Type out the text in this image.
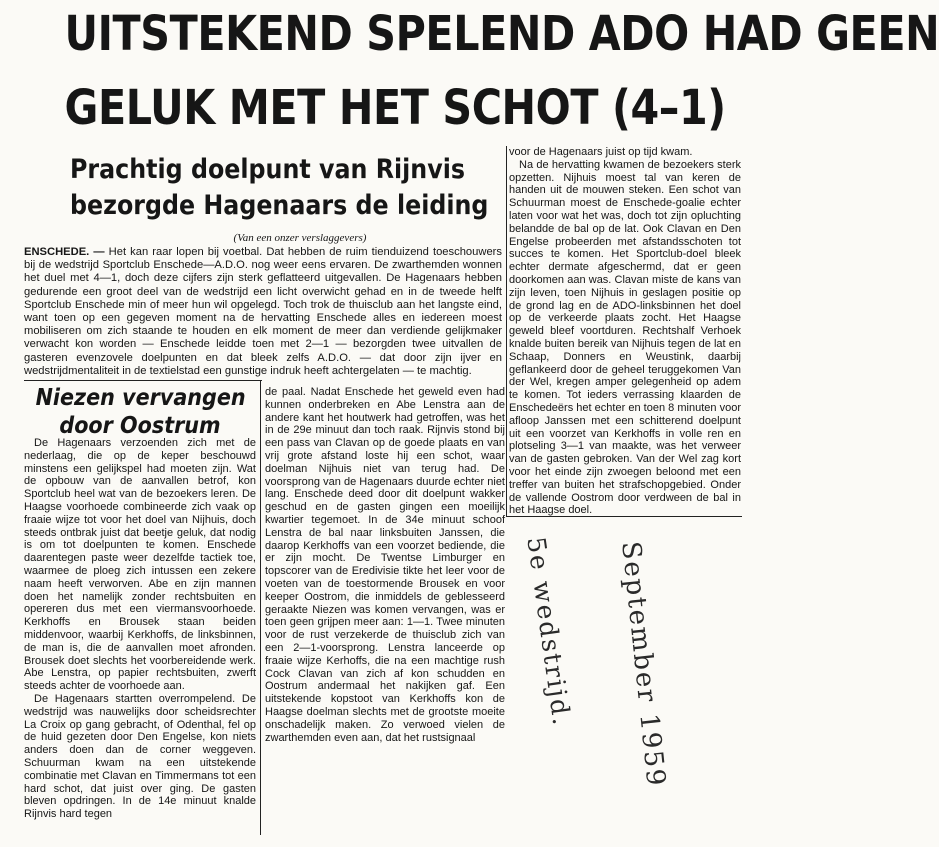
UITSTEKEND SPELEND ADO HAD GEEN
GELUK MET HET SCHOT (4–1)
Prachtig doelpunt van Rijnvis
bezorgde Hagenaars de leiding
(Van een onzer verslaggevers)

ENSCHEDE. — Het kan raar lopen bij voetbal. Dat hebben de ruim tienduizend toeschouwers bij de wedstrijd Sportclub Enschede—A.D.O. nog weer eens ervaren. De zwarthemden wonnen het duel met 4—1, doch deze cijfers zijn sterk geflatteerd uitgevallen. De Hagenaars hebben gedurende een groot deel van de wedstrijd een licht overwicht gehad en in de tweede helft Sportclub Enschede min of meer hun wil opgelegd. Toch trok de thuisclub aan het langste eind, want toen op een gegeven moment na de hervatting Enschede alles en iedereen moest mobiliseren om zich staande te houden en elk moment de meer dan verdiende gelijkmaker verwacht kon worden — Enschede leidde toen met 2—1 — bezorgden twee uitvallen de gasteren evenzovele doelpunten en dat bleek zelfs A.D.O. — dat door zijn ijver en wedstrijdmentaliteit in de textielstad een gunstige indruk heeft achtergelaten — te machtig.

Niezen vervangen
door Oostrum

De Hagenaars verzoenden zich met de nederlaag, die op de keper beschouwd minstens een gelijkspel had moeten zijn. Wat de opbouw van de aanvallen betrof, kon Sportclub heel wat van de bezoekers leren. De Haagse voorhoede combineerde zich vaak op fraaie wijze tot voor het doel van Nijhuis, doch steeds ontbrak juist dat beetje geluk, dat nodig is om tot doelpunten te komen. Enschede daarentegen paste weer dezelfde tactiek toe, waarmee de ploeg zich intussen een zekere naam heeft verworven. Abe en zijn mannen doen het namelijk zonder rechtsbuiten en opereren dus met een viermansvoorhoede. Kerkhoffs en Brousek staan beiden middenvoor, waarbij Kerkhoffs, de linksbinnen, de man is, die de aanvallen moet afronden. Brousek doet slechts het voorbereidende werk. Abe Lenstra, op papier rechtsbuiten, zwerft steeds achter de voorhoede aan.

De Hagenaars startten overrompelend. De wedstrijd was nauwelijks door scheidsrechter La Croix op gang gebracht, of Odenthal, fel op de huid gezeten door Den Engelse, kon niets anders doen dan de corner weggeven. Schuurman kwam na een uitstekende combinatie met Clavan en Timmermans tot een hard schot, dat juist over ging. De gasten bleven opdringen. In de 14e minuut knalde Rijnvis hard tegen

de paal. Nadat Enschede het geweld even had kunnen onderbreken en Abe Lenstra aan de andere kant het houtwerk had getroffen, was het in de 29e minuut dan toch raak. Rijnvis stond bij een pass van Clavan op de goede plaats en van vrij grote afstand loste hij een schot, waar doelman Nijhuis niet van terug had. De voorsprong van de Hagenaars duurde echter niet lang. Enschede deed door dit doelpunt wakker geschud en de gasten gingen een moeilijk kwartier tegemoet. In de 34e minuut schoof Lenstra de bal naar linksbuiten Janssen, die daarop Kerkhoffs van een voorzet bediende, die er zijn mocht. De Twentse Limburger en topscorer van de Eredivisie tikte het leer voor de voeten van de toestormende Brousek en voor keeper Oostrom, die inmiddels de geblesseerd geraakte Niezen was komen vervangen, was er toen geen grijpen meer aan: 1—1. Twee minuten voor de rust verzekerde de thuisclub zich van een 2—1-voorsprong. Lenstra lanceerde op fraaie wijze Kerhoffs, die na een machtige rush Cock Clavan van zich af kon schudden en Oostrum andermaal het nakijken gaf. Een uitstekende kopstoot van Kerkhoffs kon de Haagse doelman slechts met de grootste moeite onschadelijk maken. Zo verwoed vielen de zwarthemden even aan, dat het rustsignaal

voor de Hagenaars juist op tijd kwam.

Na de hervatting kwamen de bezoekers sterk opzetten. Nijhuis moest tal van keren de handen uit de mouwen steken. Een schot van Schuurman moest de Enschede-goalie echter laten voor wat het was, doch tot zijn opluchting belandde de bal op de lat. Ook Clavan en Den Engelse probeerden met afstandsschoten tot succes te komen. Het Sportclub-doel bleek echter dermate afgeschermd, dat er geen doorkomen aan was. Clavan miste de kans van zijn leven, toen Nijhuis in geslagen positie op de grond lag en de ADO-linksbinnen het doel op de verkeerde plaats zocht. Het Haagse geweld bleef voortduren. Rechtshalf Verhoek knalde buiten bereik van Nijhuis tegen de lat en Schaap, Donners en Weustink, daarbij geflankeerd door de geheel teruggekomen Van der Wel, kregen amper gelegenheid op adem te komen. Tot ieders verrassing klaarden de Enschedeërs het echter en toen 8 minuten voor afloop Janssen met een schitterend doelpunt uit een voorzet van Kerkhoffs in volle ren en plotseling 3—1 van maakte, was het verweer van de gasten gebroken. Van der Wel zag kort voor het einde zijn zwoegen beloond met een treffer van buiten het strafschopgebied. Onder de vallende Oostrom door verdween de bal in het Haagse doel.

5e wedstrijd. September 1959
